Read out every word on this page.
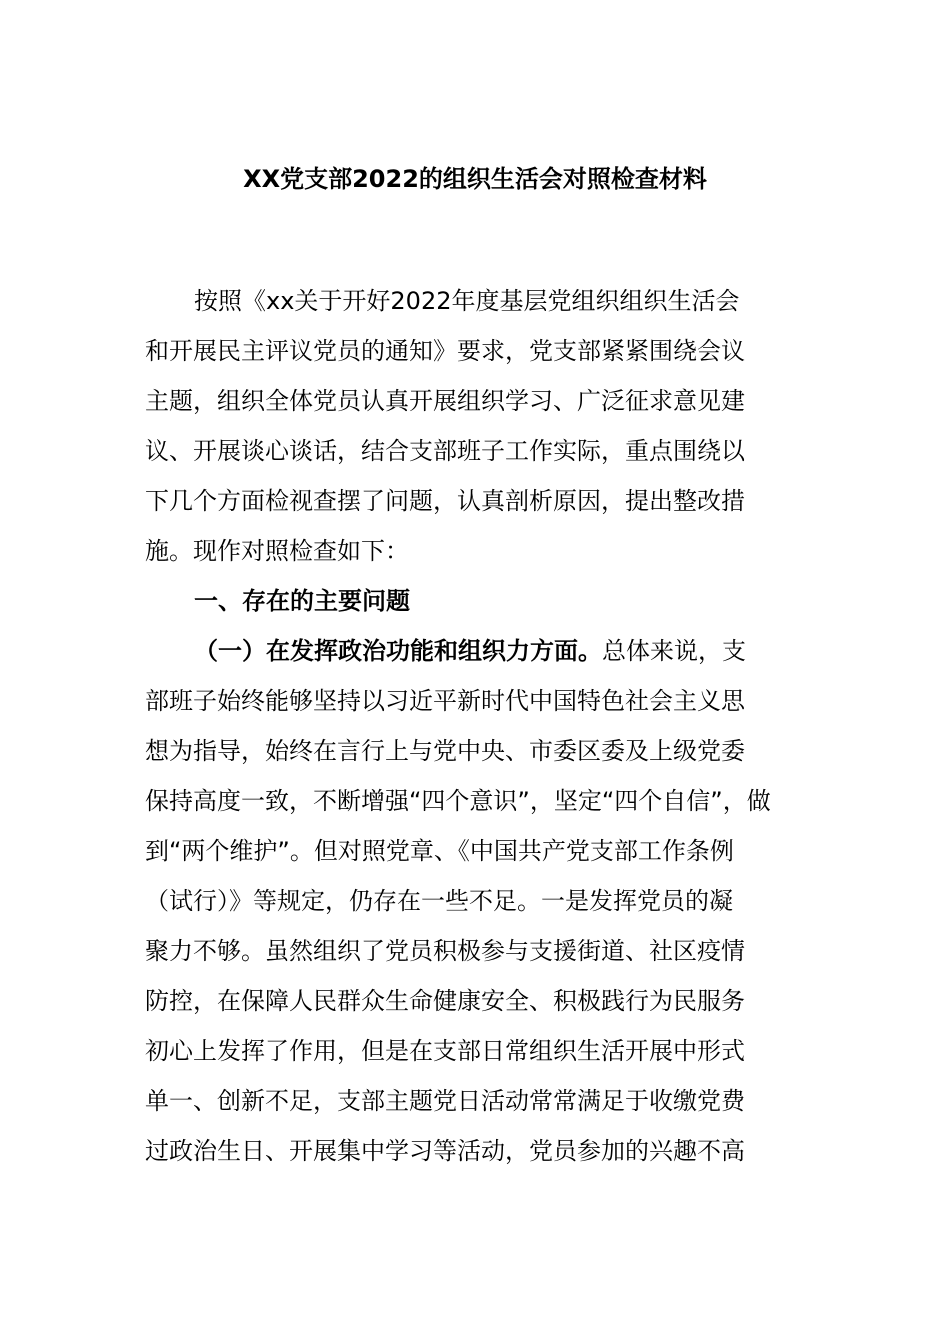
XX党支部2022的组织生活会对照检查材料
按照《xx关于开好2022年度基层党组织组织生活会
和开展民主评议党员的通知》要求，党支部紧紧围绕会议
主题，组织全体党员认真开展组织学习、广泛征求意见建
议、开展谈心谈话，结合支部班子工作实际，重点围绕以
下几个方面检视查摆了问题，认真剖析原因，提出整改措
施。现作对照检查如下：
一、存在的主要问题
（一）在发挥政治功能和组织力方面。总体来说，支
部班子始终能够坚持以习近平新时代中国特色社会主义思
想为指导，始终在言行上与党中央、市委区委及上级党委
保持高度一致，不断增强“四个意识”，坚定“四个自信”，做
到“两个维护”。但对照党章、《中国共产党支部工作条例
（试行）》等规定，仍存在一些不足。一是发挥党员的凝
聚力不够。虽然组织了党员积极参与支援街道、社区疫情
防控，在保障人民群众生命健康安全、积极践行为民服务
初心上发挥了作用，但是在支部日常组织生活开展中形式
单一、创新不足，支部主题党日活动常常满足于收缴党费
过政治生日、开展集中学习等活动，党员参加的兴趣不高
